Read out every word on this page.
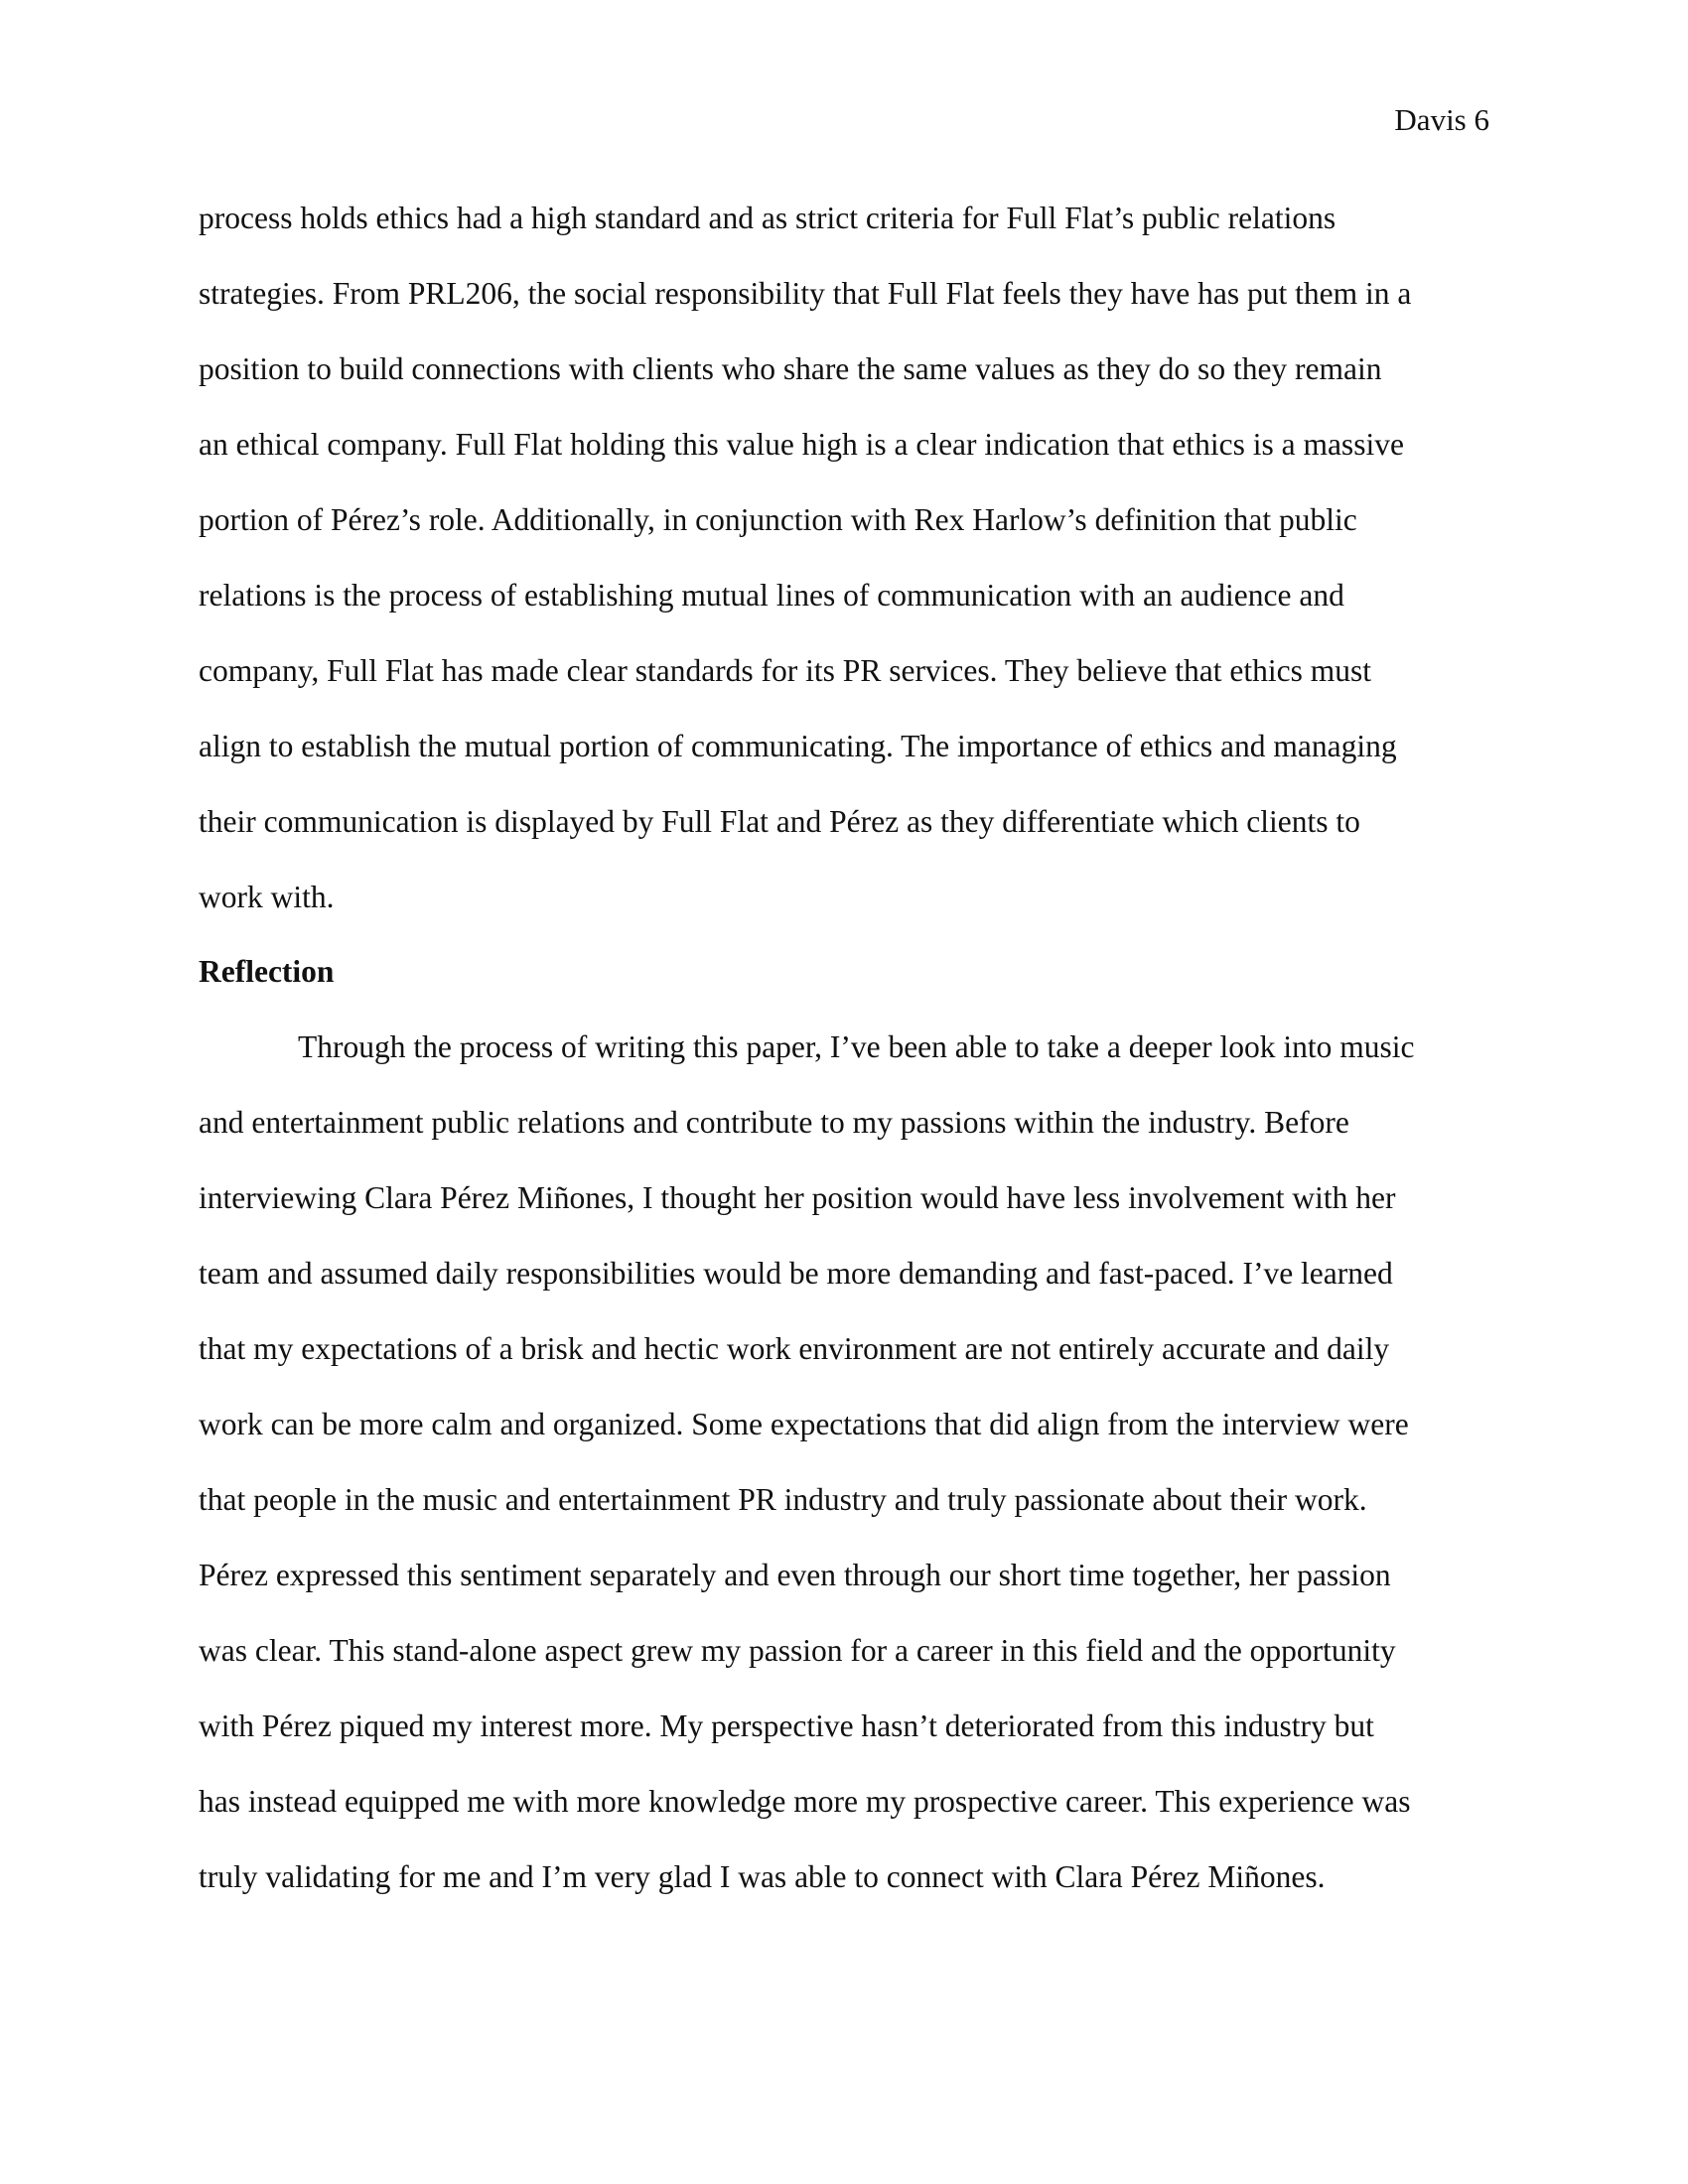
Davis 6
process holds ethics had a high standard and as strict criteria for Full Flat’s public relations
strategies. From PRL206, the social responsibility that Full Flat feels they have has put them in a
position to build connections with clients who share the same values as they do so they remain
an ethical company. Full Flat holding this value high is a clear indication that ethics is a massive
portion of Pérez’s role. Additionally, in conjunction with Rex Harlow’s definition that public
relations is the process of establishing mutual lines of communication with an audience and
company, Full Flat has made clear standards for its PR services. They believe that ethics must
align to establish the mutual portion of communicating. The importance of ethics and managing
their communication is displayed by Full Flat and Pérez as they differentiate which clients to
work with.
Reflection
Through the process of writing this paper, I’ve been able to take a deeper look into music
and entertainment public relations and contribute to my passions within the industry. Before
interviewing Clara Pérez Miñones, I thought her position would have less involvement with her
team and assumed daily responsibilities would be more demanding and fast-paced. I’ve learned
that my expectations of a brisk and hectic work environment are not entirely accurate and daily
work can be more calm and organized. Some expectations that did align from the interview were
that people in the music and entertainment PR industry and truly passionate about their work.
Pérez expressed this sentiment separately and even through our short time together, her passion
was clear. This stand-alone aspect grew my passion for a career in this field and the opportunity
with Pérez piqued my interest more. My perspective hasn’t deteriorated from this industry but
has instead equipped me with more knowledge more my prospective career. This experience was
truly validating for me and I’m very glad I was able to connect with Clara Pérez Miñones.
